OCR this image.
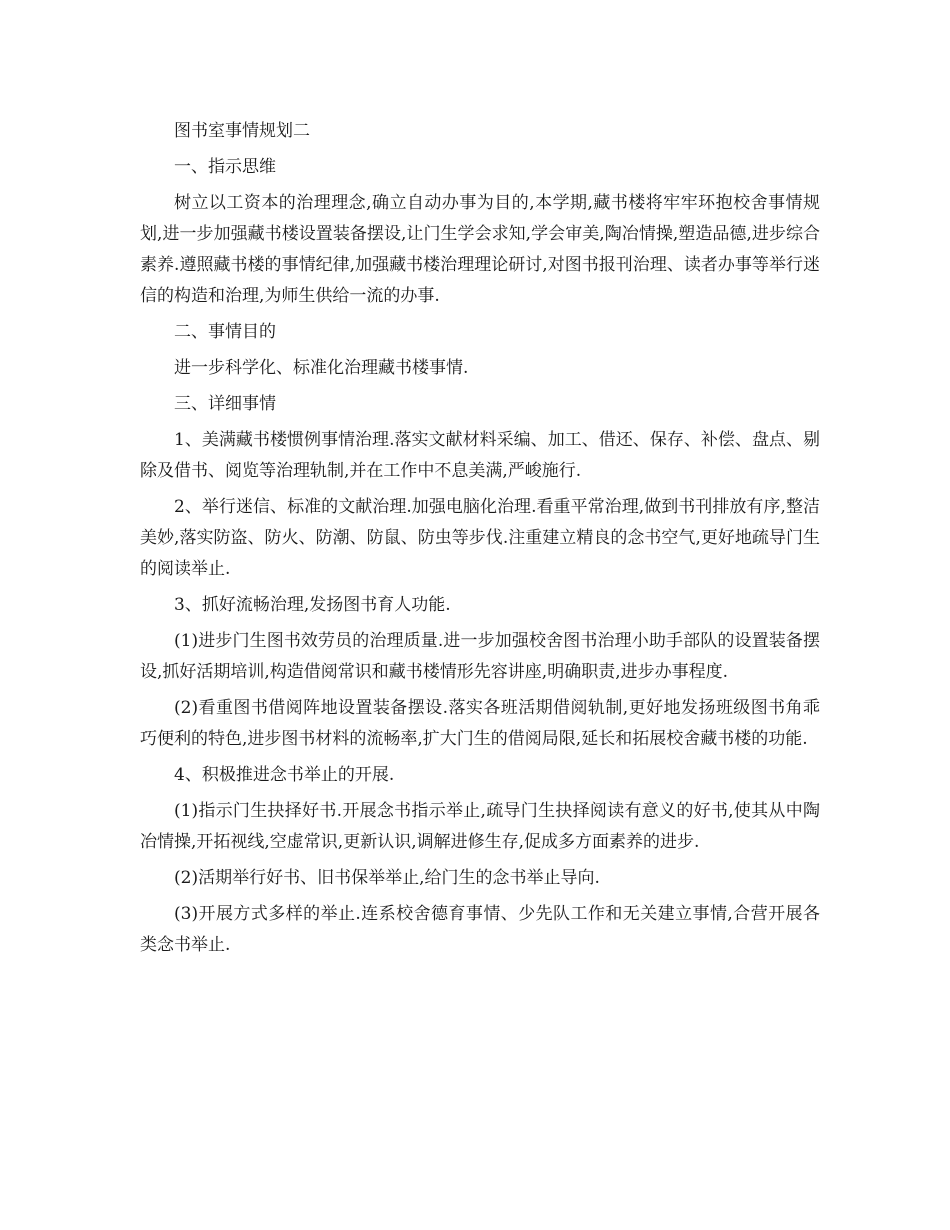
图书室事情规划二

一、指示思维

树立以工资本的治理理念,确立自动办事为目的,本学期,藏书楼将牢牢环抱校舍事情规划,进一步加强藏书楼设置装备摆设,让门生学会求知,学会审美,陶冶情操,塑造品德,进步综合素养.遵照藏书楼的事情纪律,加强藏书楼治理理论研讨,对图书报刊治理、读者办事等举行迷信的构造和治理,为师生供给一流的办事.

二、事情目的

进一步科学化、标准化治理藏书楼事情.

三、详细事情

1、美满藏书楼惯例事情治理.落实文献材料采编、加工、借还、保存、补偿、盘点、剔除及借书、阅览等治理轨制,并在工作中不息美满,严峻施行.

2、举行迷信、标准的文献治理.加强电脑化治理.看重平常治理,做到书刊排放有序,整洁美妙,落实防盗、防火、防潮、防鼠、防虫等步伐.注重建立精良的念书空气,更好地疏导门生的阅读举止.

3、抓好流畅治理,发扬图书育人功能.

(1)进步门生图书效劳员的治理质量.进一步加强校舍图书治理小助手部队的设置装备摆设,抓好活期培训,构造借阅常识和藏书楼情形先容讲座,明确职责,进步办事程度.

(2)看重图书借阅阵地设置装备摆设.落实各班活期借阅轨制,更好地发扬班级图书角乖巧便利的特色,进步图书材料的流畅率,扩大门生的借阅局限,延长和拓展校舍藏书楼的功能.

4、积极推进念书举止的开展.

(1)指示门生抉择好书.开展念书指示举止,疏导门生抉择阅读有意义的好书,使其从中陶冶情操,开拓视线,空虚常识,更新认识,调解进修生存,促成多方面素养的进步.

(2)活期举行好书、旧书保举举止,给门生的念书举止导向.

(3)开展方式多样的举止.连系校舍德育事情、少先队工作和无关建立事情,合营开展各类念书举止.
